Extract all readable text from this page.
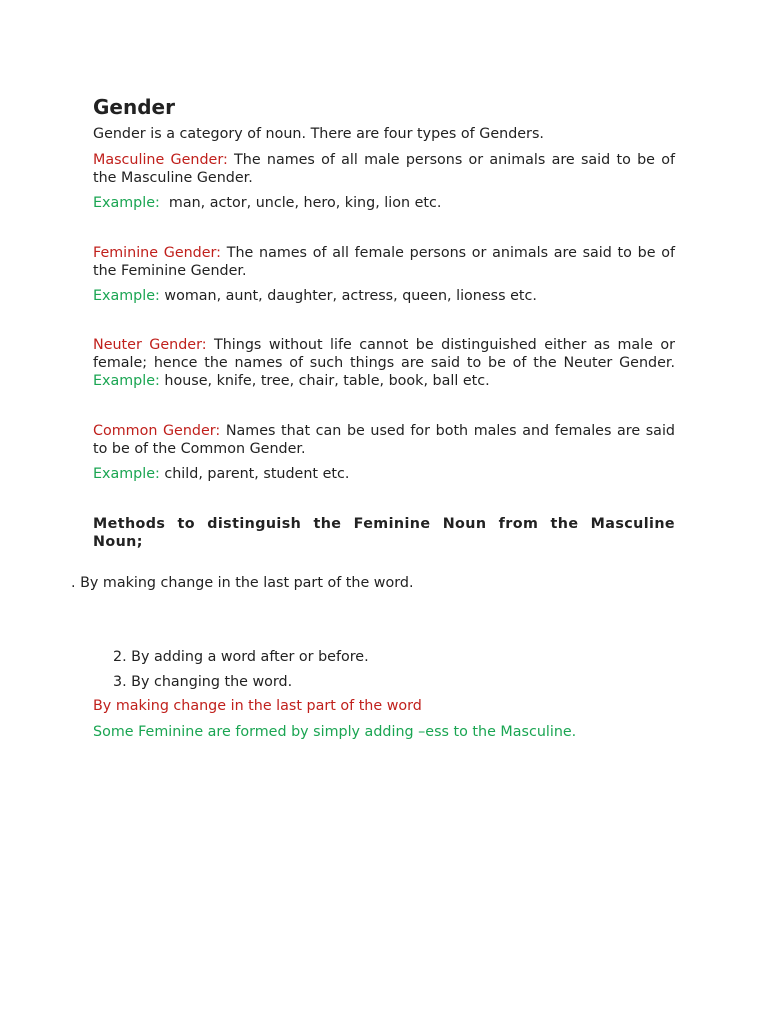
Gender

Gender is a category of noun. There are four types of Genders.

Masculine Gender: The names of all male persons or animals are said to be of the Masculine Gender.

Example:  man, actor, uncle, hero, king, lion etc.

Feminine Gender: The names of all female persons or animals are said to be of the Feminine Gender.

Example: woman, aunt, daughter, actress, queen, lioness etc.

Neuter Gender: Things without life cannot be distinguished either as male or female; hence the names of such things are said to be of the Neuter Gender. Example: house, knife, tree, chair, table, book, ball etc.

Common Gender: Names that can be used for both males and females are said to be of the Common Gender.

Example: child, parent, student etc.

Methods to distinguish the Feminine Noun from the Masculine Noun;

. By making change in the last part of the word.

2. By adding a word after or before.

3. By changing the word.

By making change in the last part of the word

Some Feminine are formed by simply adding –ess to the Masculine.
